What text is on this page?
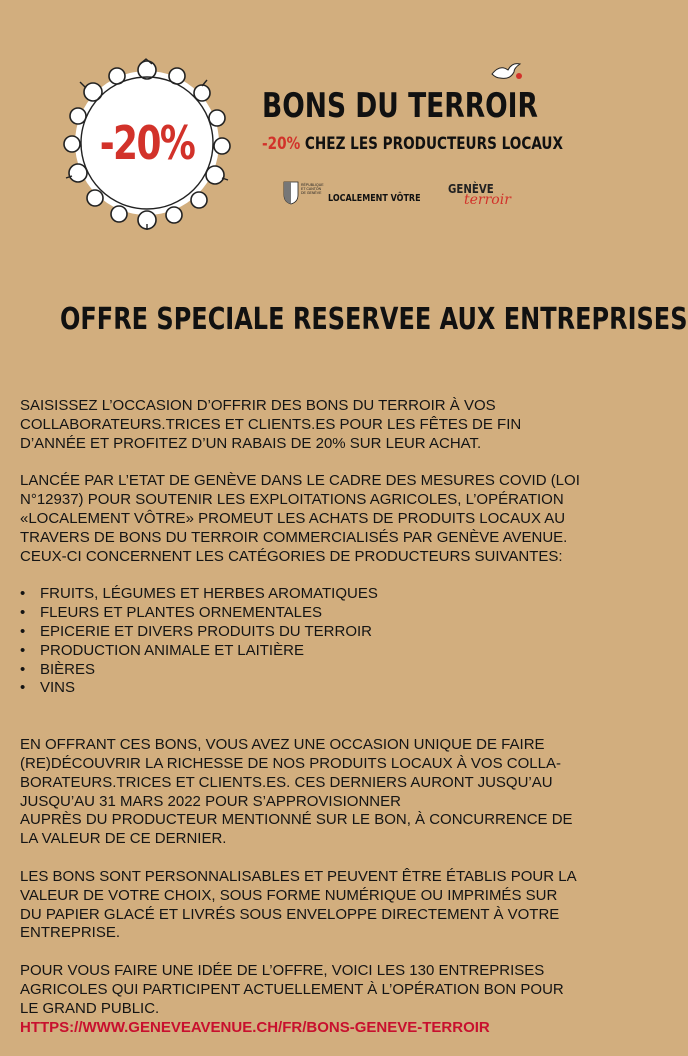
-20%
BONS DU TERROIR
-20% CHEZ LES PRODUCTEURS LOCAUX
RÉPUBLIQUE
ET CANTON
DE GENÈVE LOCALEMENT VÔTRE
GENÈVE
terroir
OFFRE SPECIALE RESERVEE AUX ENTREPRISES

SAISISSEZ L’OCCASION D’OFFRIR DES BONS DU TERROIR À VOS COLLABORATEURS.TRICES ET CLIENTS.ES POUR LES FÊTES DE FIN D’ANNÉE ET PROFITEZ D’UN RABAIS DE 20% SUR LEUR ACHAT.

LANCÉE PAR L’ETAT DE GENÈVE DANS LE CADRE DES MESURES COVID (LOI N°12937) POUR SOUTENIR LES EXPLOITATIONS AGRICOLES, L’OPÉRATION «LOCALEMENT VÔTRE» PROMEUT LES ACHATS DE PRODUITS LOCAUX AU TRAVERS DE BONS DU TERROIR COMMERCIALISÉS PAR GENÈVE AVENUE. CEUX-CI CONCERNENT LES CATÉGORIES DE PRODUCTEURS SUIVANTES:

• FRUITS, LÉGUMES ET HERBES AROMATIQUES
• FLEURS ET PLANTES ORNEMENTALES
• EPICERIE ET DIVERS PRODUITS DU TERROIR
• PRODUCTION ANIMALE ET LAITIÈRE
• BIÈRES
• VINS

EN OFFRANT CES BONS, VOUS AVEZ UNE OCCASION UNIQUE DE FAIRE (RE)DÉCOUVRIR LA RICHESSE DE NOS PRODUITS LOCAUX À VOS COLLA-BORATEURS.TRICES ET CLIENTS.ES. CES DERNIERS AURONT JUSQU’AU JUSQU’AU 31 MARS 2022 POUR S’APPROVISIONNER

AUPRÈS DU PRODUCTEUR MENTIONNÉ SUR LE BON, À CONCURRENCE DE LA VALEUR DE CE DERNIER.

LES BONS SONT PERSONNALISABLES ET PEUVENT ÊTRE ÉTABLIS POUR LA VALEUR DE VOTRE CHOIX, SOUS FORME NUMÉRIQUE OU IMPRIMÉS SUR DU PAPIER GLACÉ ET LIVRÉS SOUS ENVELOPPE DIRECTEMENT À VOTRE ENTREPRISE.

POUR VOUS FAIRE UNE IDÉE DE L’OFFRE, VOICI LES 130 ENTREPRISES AGRICOLES QUI PARTICIPENT ACTUELLEMENT À L’OPÉRATION BON POUR LE GRAND PUBLIC.

HTTPS://WWW.GENEVEAVENUE.CH/FR/BONS-GENEVE-TERROIR
